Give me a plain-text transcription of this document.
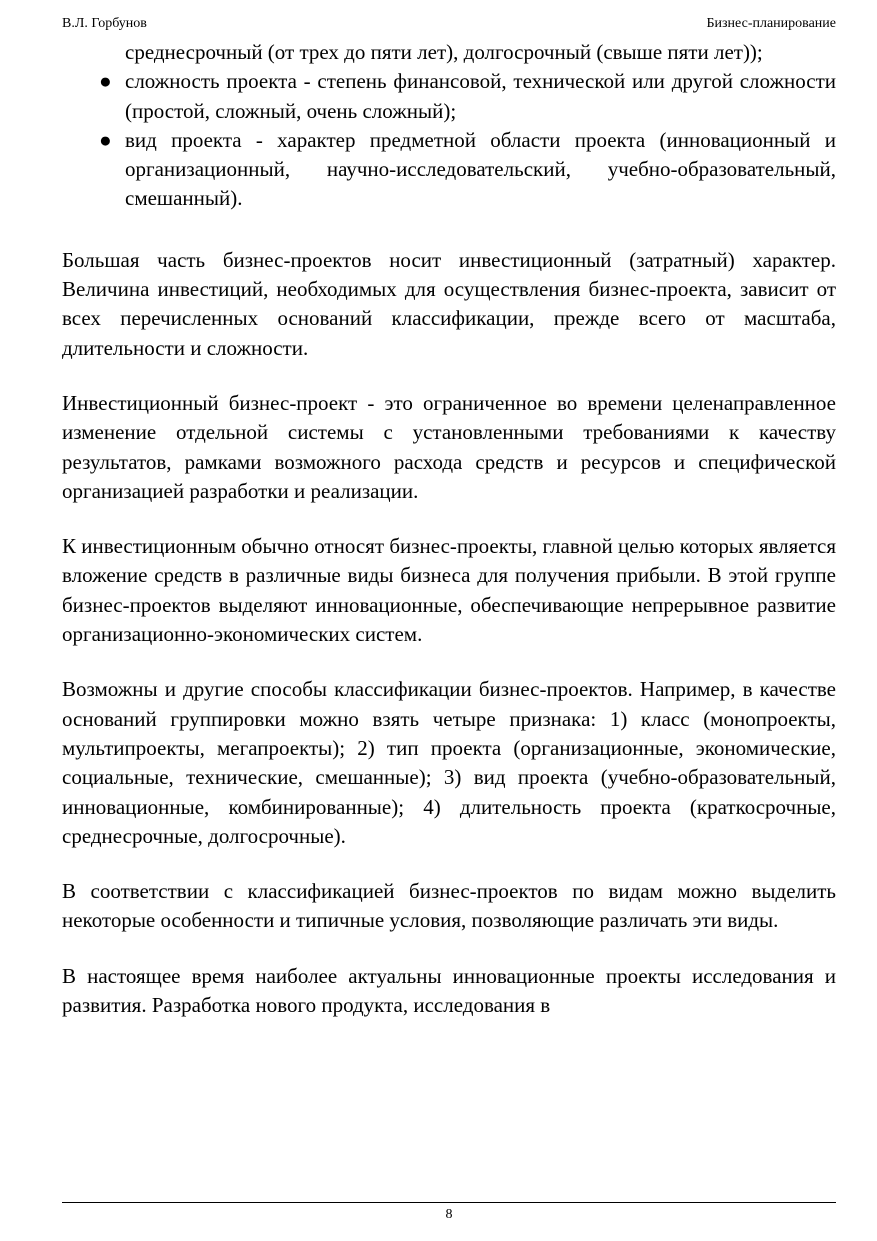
В.Л. Горбунов	Бизнес-планирование
среднесрочный (от трех до пяти лет), долгосрочный (свыше пяти лет));
● сложность проекта - степень финансовой, технической или другой сложности (простой, сложный, очень сложный);
● вид проекта - характер предметной области проекта (инновационный и организационный, научно-исследовательский, учебно-образовательный, смешанный).

Большая часть бизнес-проектов носит инвестиционный (затратный) характер. Величина инвестиций, необходимых для осуществления бизнес-проекта, зависит от всех перечисленных оснований классификации, прежде всего от масштаба, длительности и сложности.

Инвестиционный бизнес-проект - это ограниченное во времени целенаправленное изменение отдельной системы с установленными требованиями к качеству результатов, рамками возможного расхода средств и ресурсов и специфической организацией разработки и реализации.

К инвестиционным обычно относят бизнес-проекты, главной целью которых является вложение средств в различные виды бизнеса для получения прибыли. В этой группе бизнес-проектов выделяют инновационные, обеспечивающие непрерывное развитие организационно-экономических систем.

Возможны и другие способы классификации бизнес-проектов. Например, в качестве оснований группировки можно взять четыре признака: 1) класс (монопроекты, мультипроекты, мегапроекты); 2) тип проекта (организационные, экономические, социальные, технические, смешанные); 3) вид проекта (учебно-образовательный, инновационные, комбинированные); 4) длительность проекта (краткосрочные, среднесрочные, долгосрочные).

В соответствии с классификацией бизнес-проектов по видам можно выделить некоторые особенности и типичные условия, позволяющие различать эти виды.

В настоящее время наиболее актуальны инновационные проекты исследования и развития. Разработка нового продукта, исследования в

8
